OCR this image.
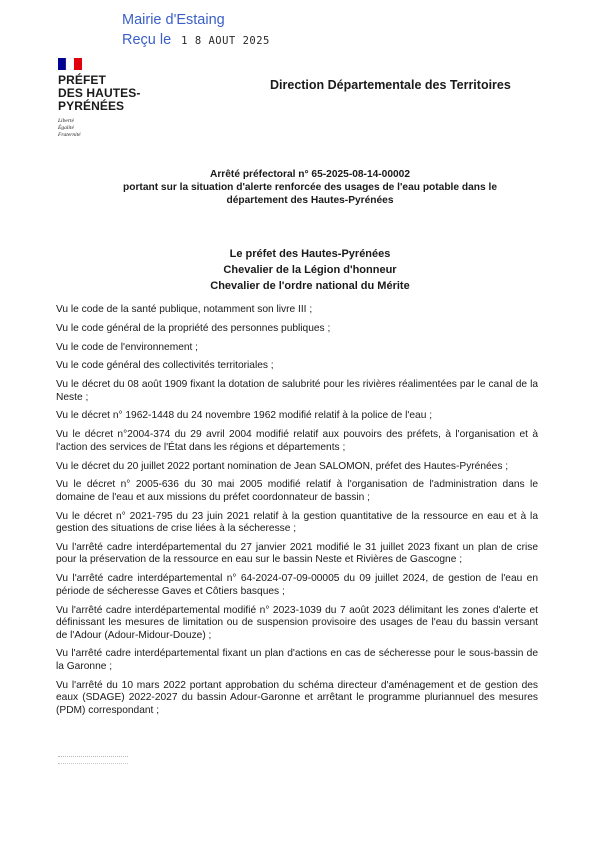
Mairie d'Estaing
Reçu le 1 8 AOUT 2025
PRÉFET
DES HAUTES-
PYRÉNÉES
Liberté
Égalité
Fraternité
Direction Départementale des Territoires
Arrêté préfectoral n° 65-2025-08-14-00002
portant sur la situation d'alerte renforcée des usages de l'eau potable dans le
département des Hautes-Pyrénées
Le préfet des Hautes-Pyrénées
Chevalier de la Légion d'honneur
Chevalier de l'ordre national du Mérite

Vu le code de la santé publique, notamment son livre III ;

Vu le code général de la propriété des personnes publiques ;

Vu le code de l'environnement ;

Vu le code général des collectivités territoriales ;

Vu le décret du 08 août 1909 fixant la dotation de salubrité pour les rivières réalimentées par le canal de la Neste ;

Vu le décret n° 1962-1448 du 24 novembre 1962 modifié relatif à la police de l'eau ;

Vu le décret n°2004-374 du 29 avril 2004 modifié relatif aux pouvoirs des préfets, à l'organisation et à l'action des services de l'État dans les régions et départements ;

Vu le décret du 20 juillet 2022 portant nomination de Jean SALOMON, préfet des Hautes-Pyrénées ;

Vu le décret n° 2005-636 du 30 mai 2005 modifié relatif à l'organisation de l'administration dans le domaine de l'eau et aux missions du préfet coordonnateur de bassin ;

Vu le décret n° 2021-795 du 23 juin 2021 relatif à la gestion quantitative de la ressource en eau et à la gestion des situations de crise liées à la sécheresse ;

Vu l'arrêté cadre interdépartemental du 27 janvier 2021 modifié le 31 juillet 2023 fixant un plan de crise pour la préservation de la ressource en eau sur le bassin Neste et Rivières de Gascogne ;

Vu l'arrêté cadre interdépartemental n° 64-2024-07-09-00005 du 09 juillet 2024, de gestion de l'eau en période de sécheresse Gaves et Côtiers basques ;

Vu l'arrêté cadre interdépartemental modifié n° 2023-1039 du 7 août 2023 délimitant les zones d'alerte et définissant les mesures de limitation ou de suspension provisoire des usages de l'eau du bassin versant de l'Adour (Adour-Midour-Douze) ;

Vu l'arrêté cadre interdépartemental fixant un plan d'actions en cas de sécheresse pour le sous-bassin de la Garonne ;

Vu l'arrêté du 10 mars 2022 portant approbation du schéma directeur d'aménagement et de gestion des eaux (SDAGE) 2022-2027 du bassin Adour-Garonne et arrêtant le programme pluriannuel des mesures (PDM) correspondant ;
